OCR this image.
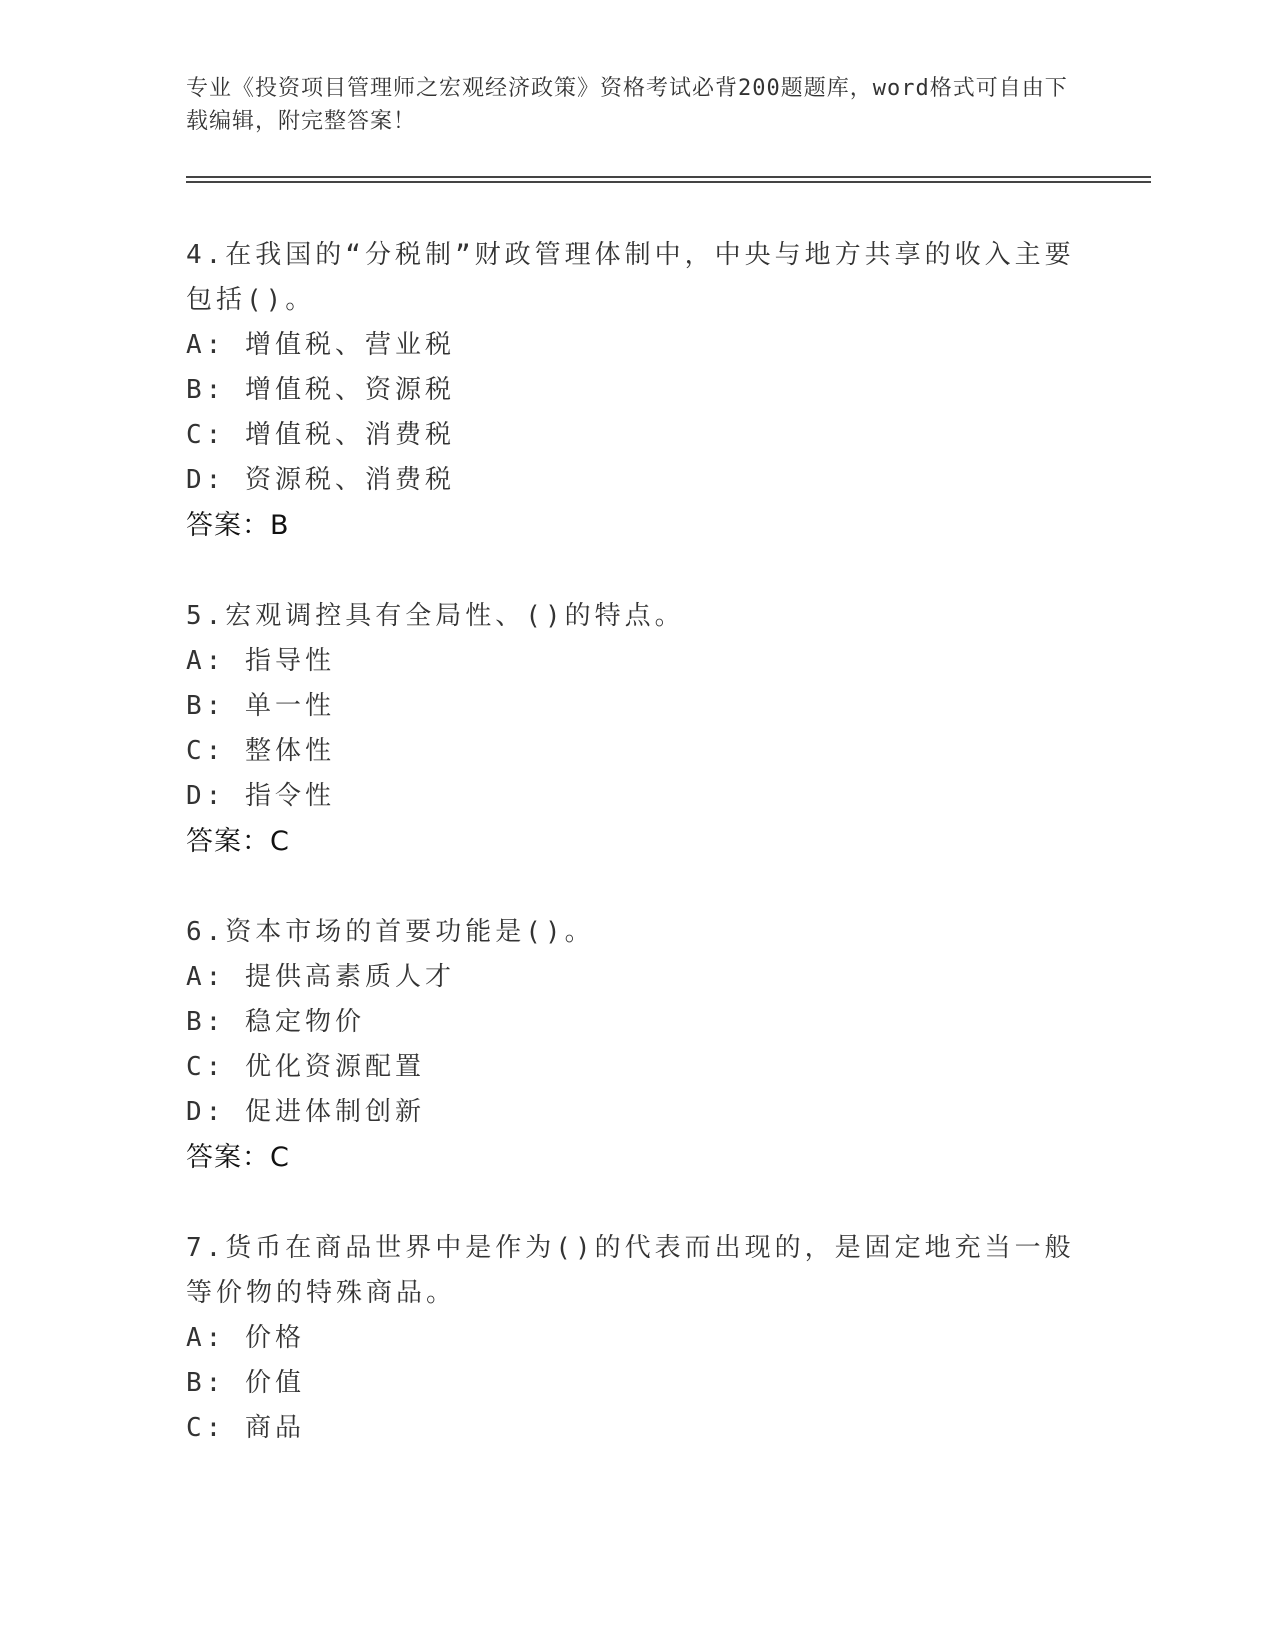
专业《投资项目管理师之宏观经济政策》资格考试必背200题题库，word格式可自由下载编辑，附完整答案！
4.在我国的“分税制”财政管理体制中，中央与地方共享的收入主要包括()。
A: 增值税、营业税
B: 增值税、资源税
C: 增值税、消费税
D: 资源税、消费税
答案：B
5.宏观调控具有全局性、()的特点。
A: 指导性
B: 单一性
C: 整体性
D: 指令性
答案：C
6.资本市场的首要功能是()。
A: 提供高素质人才
B: 稳定物价
C: 优化资源配置
D: 促进体制创新
答案：C
7.货币在商品世界中是作为()的代表而出现的，是固定地充当一般等价物的特殊商品。
A: 价格
B: 价值
C: 商品
